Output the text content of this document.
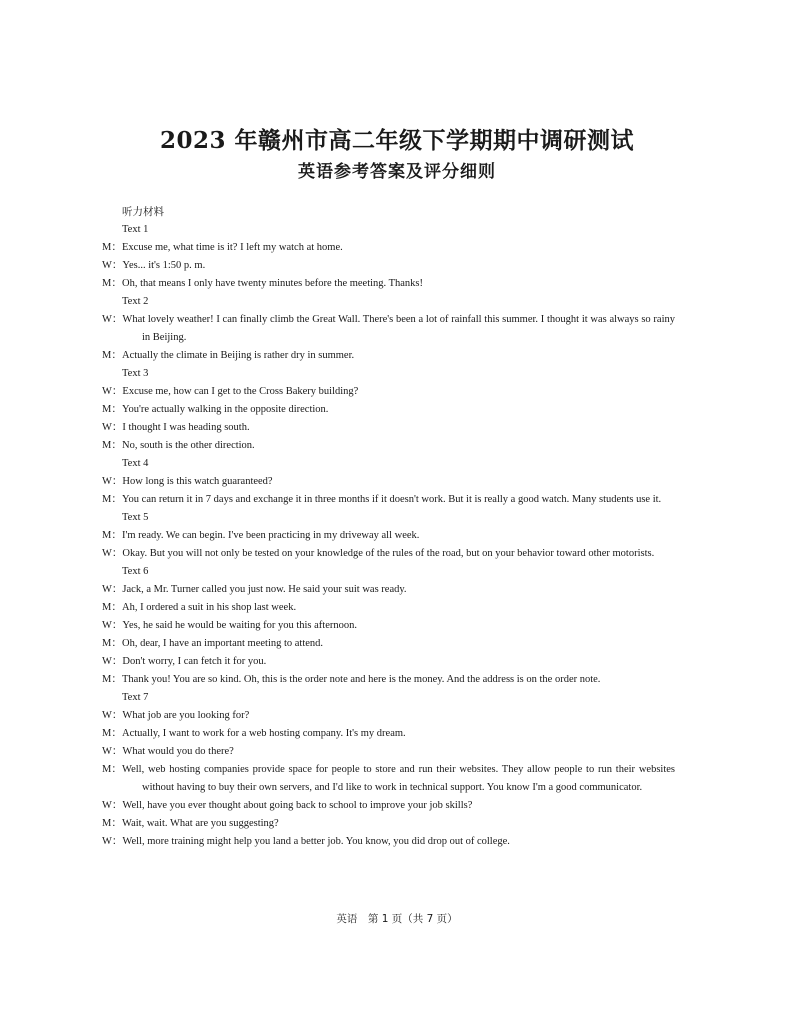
2023 年赣州市高二年级下学期期中调研测试
英语参考答案及评分细则
听力材料
Text 1
M：Excuse me, what time is it? I left my watch at home.
W：Yes... it's 1:50 p. m.
M：Oh, that means I only have twenty minutes before the meeting. Thanks!
Text 2
W：What lovely weather! I can finally climb the Great Wall. There's been a lot of rainfall this summer. I thought it was always so rainy in Beijing.
M：Actually the climate in Beijing is rather dry in summer.
Text 3
W：Excuse me, how can I get to the Cross Bakery building?
M：You're actually walking in the opposite direction.
W：I thought I was heading south.
M：No, south is the other direction.
Text 4
W：How long is this watch guaranteed?
M：You can return it in 7 days and exchange it in three months if it doesn't work. But it is really a good watch. Many students use it.
Text 5
M：I'm ready. We can begin. I've been practicing in my driveway all week.
W：Okay. But you will not only be tested on your knowledge of the rules of the road, but on your behavior toward other motorists.
Text 6
W：Jack, a Mr. Turner called you just now. He said your suit was ready.
M：Ah, I ordered a suit in his shop last week.
W：Yes, he said he would be waiting for you this afternoon.
M：Oh, dear, I have an important meeting to attend.
W：Don't worry, I can fetch it for you.
M：Thank you! You are so kind. Oh, this is the order note and here is the money. And the address is on the order note.
Text 7
W：What job are you looking for?
M：Actually, I want to work for a web hosting company. It's my dream.
W：What would you do there?
M：Well, web hosting companies provide space for people to store and run their websites. They allow people to run their websites without having to buy their own servers, and I'd like to work in technical support. You know I'm a good communicator.
W：Well, have you ever thought about going back to school to improve your job skills?
M：Wait, wait. What are you suggesting?
W：Well, more training might help you land a better job. You know, you did drop out of college.
英语　第 1 页（共 7 页）
